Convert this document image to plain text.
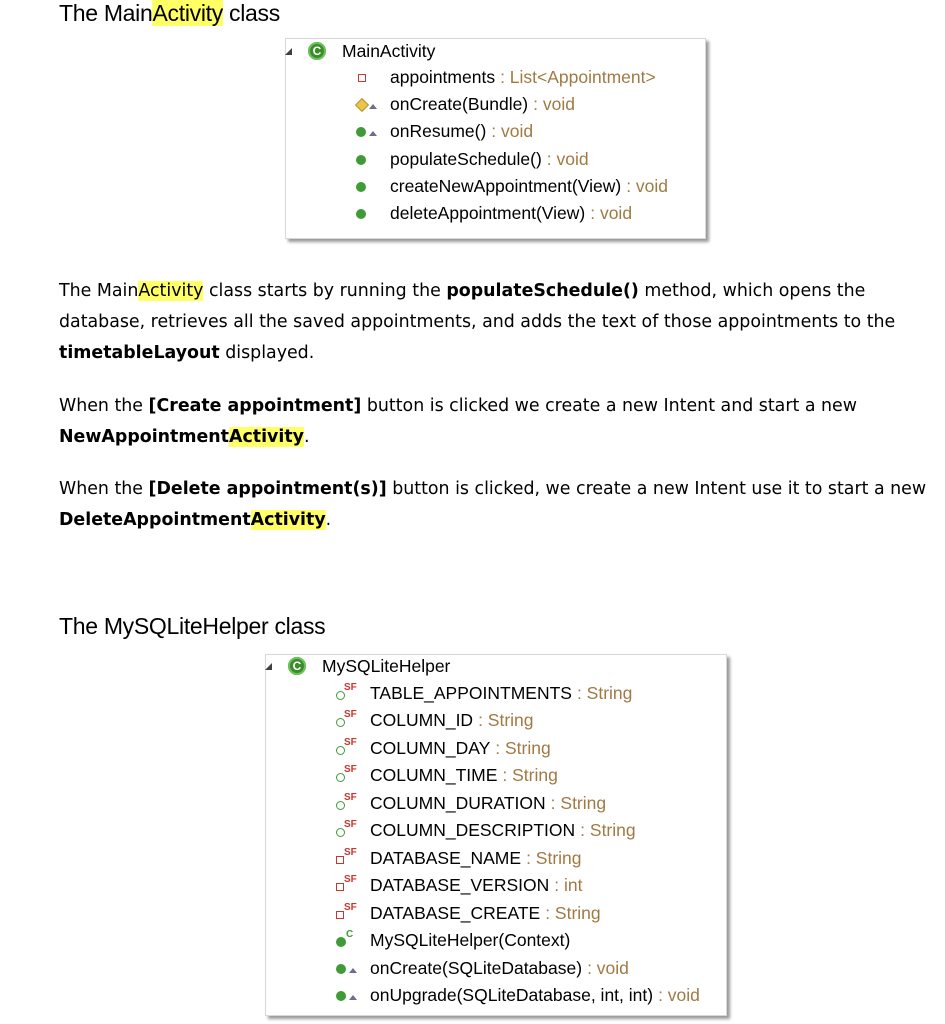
The MainActivity class
C MainActivity
appointments : List<Appointment>
onCreate(Bundle) : void
onResume() : void
populateSchedule() : void
createNewAppointment(View) : void
deleteAppointment(View) : void
The MainActivity class starts by running the populateSchedule() method, which opens the database, retrieves all the saved appointments, and adds the text of those appointments to the timetableLayout displayed.
When the [Create appointment] button is clicked we create a new Intent and start a new NewAppointmentActivity.
When the [Delete appointment(s)] button is clicked, we create a new Intent use it to start a new DeleteAppointmentActivity.
The MySQLiteHelper class
C MySQLiteHelper
SF TABLE_APPOINTMENTS : String
SF COLUMN_ID : String
SF COLUMN_DAY : String
SF COLUMN_TIME : String
SF COLUMN_DURATION : String
SF COLUMN_DESCRIPTION : String
SF DATABASE_NAME : String
SF DATABASE_VERSION : int
SF DATABASE_CREATE : String
C MySQLiteHelper(Context)
onCreate(SQLiteDatabase) : void
onUpgrade(SQLiteDatabase, int, int) : void
